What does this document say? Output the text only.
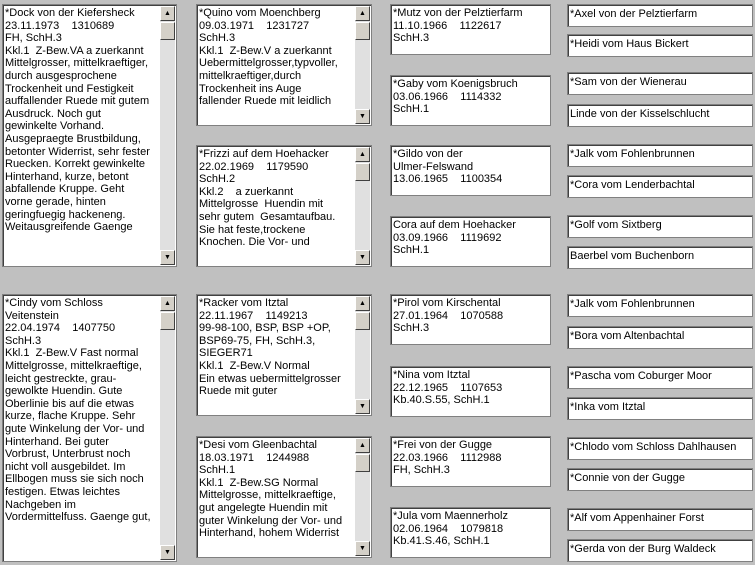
*Dock von der Kiefersheck
23.11.1973    1310689
FH, SchH.3
Kkl.1  Z-Bew.VA a zuerkannt
Mittelgrosser, mittelkraeftiger,
durch ausgesprochene
Trockenheit und Festigkeit
auffallender Ruede mit gutem
Ausdruck. Noch gut
gewinkelte Vorhand.
Ausgepraegte Brustbildung,
betonter Widerrist, sehr fester
Ruecken. Korrekt gewinkelte
Hinterhand, kurze, betont
abfallende Kruppe. Geht
vorne gerade, hinten
geringfuegig hackeneng.
Weitausgreifende Gaenge
▲
▼
*Cindy vom Schloss
Veitenstein
22.04.1974    1407750
SchH.3
Kkl.1  Z-Bew.V Fast normal
Mittelgrosse, mittelkraeftige,
leicht gestreckte, grau-
gewolkte Huendin. Gute
Oberlinie bis auf die etwas
kurze, flache Kruppe. Sehr
gute Winkelung der Vor- und
Hinterhand. Bei guter
Vorbrust, Unterbrust noch
nicht voll ausgebildet. Im
Ellbogen muss sie sich noch
festigen. Etwas leichtes
Nachgeben im
Vordermittelfuss. Gaenge gut,
▲
▼
*Quino vom Moenchberg
09.03.1971    1231727
SchH.3
Kkl.1  Z-Bew.V a zuerkannt
Uebermittelgrosser,typvoller,
mittelkraeftiger,durch
Trockenheit ins Auge
fallender Ruede mit leidlich
▲
▼
*Frizzi auf dem Hoehacker
22.02.1969    1179590
SchH.2
Kkl.2    a zuerkannt
Mittelgrosse  Huendin mit
sehr gutem  Gesamtaufbau.
Sie hat feste,trockene
Knochen. Die Vor- und
▲
▼
*Racker vom Itztal
22.11.1967    1149213
99-98-100, BSP, BSP +OP,
BSP69-75, FH, SchH.3,
SIEGER71
Kkl.1  Z-Bew.V Normal
Ein etwas uebermittelgrosser
Ruede mit guter
▲
▼
*Desi vom Gleenbachtal
18.03.1971    1244988
SchH.1
Kkl.1  Z-Bew.SG Normal
Mittelgrosse, mittelkraeftige,
gut angelegte Huendin mit
guter Winkelung der Vor- und
Hinterhand, hohem Widerrist
▲
▼
*Mutz von der Pelztierfarm
11.10.1966    1122617
SchH.3
*Gaby vom Koenigsbruch
03.06.1966    1114332
SchH.1
*Gildo von der
Ulmer-Felswand
13.06.1965    1100354
Cora auf dem Hoehacker
03.09.1966    1119692
SchH.1
*Pirol vom Kirschental
27.01.1964    1070588
SchH.3
*Nina vom Itztal
22.12.1965    1107653
Kb.40.S.55, SchH.1
*Frei von der Gugge
22.03.1966    1112988
FH, SchH.3
*Jula vom Maennerholz
02.06.1964    1079818
Kb.41.S.46, SchH.1
*Axel von der Pelztierfarm
*Heidi vom Haus Bickert
*Sam von der Wienerau
Linde von der Kisselschlucht
*Jalk vom Fohlenbrunnen
*Cora vom Lenderbachtal
*Golf vom Sixtberg
Baerbel vom Buchenborn
*Jalk vom Fohlenbrunnen
*Bora vom Altenbachtal
*Pascha vom Coburger Moor
*Inka vom Itztal
*Chlodo vom Schloss Dahlhausen
*Connie von der Gugge
*Alf vom Appenhainer Forst
*Gerda von der Burg Waldeck
